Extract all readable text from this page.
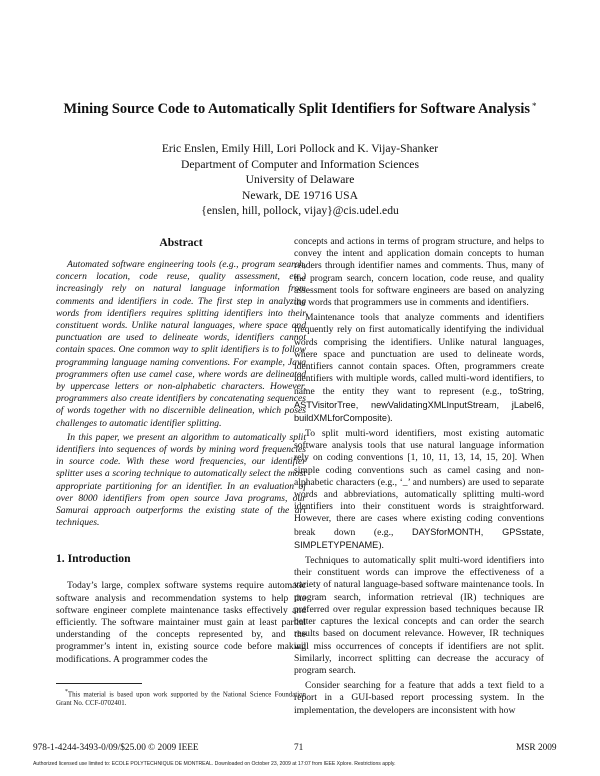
Mining Source Code to Automatically Split Identifiers for Software Analysis *
Eric Enslen, Emily Hill, Lori Pollock and K. Vijay-Shanker
Department of Computer and Information Sciences
University of Delaware
Newark, DE 19716 USA
{enslen, hill, pollock, vijay}@cis.udel.edu
Abstract

Automated software engineering tools (e.g., program search, concern location, code reuse, quality assessment, etc.) increasingly rely on natural language information from comments and identifiers in code. The first step in analyzing words from identifiers requires splitting identifiers into their constituent words. Unlike natural languages, where space and punctuation are used to delineate words, identifiers cannot contain spaces. One common way to split identifiers is to follow programming language naming conventions. For example, Java programmers often use camel case, where words are delineated by uppercase letters or non-alphabetic characters. However, programmers also create identifiers by concatenating sequences of words together with no discernible delineation, which poses challenges to automatic identifier splitting.

In this paper, we present an algorithm to automatically split identifiers into sequences of words by mining word frequencies in source code. With these word frequencies, our identifier splitter uses a scoring technique to automatically select the most appropriate partitioning for an identifier. In an evaluation of over 8000 identifiers from open source Java programs, our Samurai approach outperforms the existing state of the art techniques.

1. Introduction

Today’s large, complex software systems require automatic software analysis and recommendation systems to help the software engineer complete maintenance tasks effectively and efficiently. The software maintainer must gain at least partial understanding of the concepts represented by, and the programmer’s intent in, existing source code before making modifications. A programmer codes the

*This material is based upon work supported by the National Science Foundation Grant No. CCF-0702401.

concepts and actions in terms of program structure, and helps to convey the intent and application domain concepts to human readers through identifier names and comments. Thus, many of the program search, concern location, code reuse, and quality assessment tools for software engineers are based on analyzing the words that programmers use in comments and identifiers.

Maintenance tools that analyze comments and identifiers frequently rely on first automatically identifying the individual words comprising the identifiers. Unlike natural languages, where space and punctuation are used to delineate words, identifiers cannot contain spaces. Often, programmers create identifiers with multiple words, called multi-word identifiers, to name the entity they want to represent (e.g., toString, ASTVisitorTree, newValidatingXMLInputStream, jLabel6, buildXMLforComposite).

To split multi-word identifiers, most existing automatic software analysis tools that use natural language information rely on coding conventions [1, 10, 11, 13, 14, 15, 20]. When simple coding conventions such as camel casing and non-alphabetic characters (e.g., ‘_’ and numbers) are used to separate words and abbreviations, automatically splitting multi-word identifiers into their constituent words is straightforward. However, there are cases where existing coding conventions break down (e.g., DAYSforMONTH, GPSstate, SIMPLETYPENAME).

Techniques to automatically split multi-word identifiers into their constituent words can improve the effectiveness of a variety of natural language-based software maintenance tools. In program search, information retrieval (IR) techniques are preferred over regular expression based techniques because IR better captures the lexical concepts and can order the search results based on document relevance. However, IR techniques will miss occurrences of concepts if identifiers are not split. Similarly, incorrect splitting can decrease the accuracy of program search.

Consider searching for a feature that adds a text field to a report in a GUI-based report processing system. In the implementation, the developers are inconsistent with how

978-1-4244-3493-0/09/$25.00 © 2009 IEEE	71	MSR 2009
Authorized licensed use limited to: ECOLE POLYTECHNIQUE DE MONTREAL. Downloaded on October 23, 2009 at 17:07 from IEEE Xplore. Restrictions apply.
